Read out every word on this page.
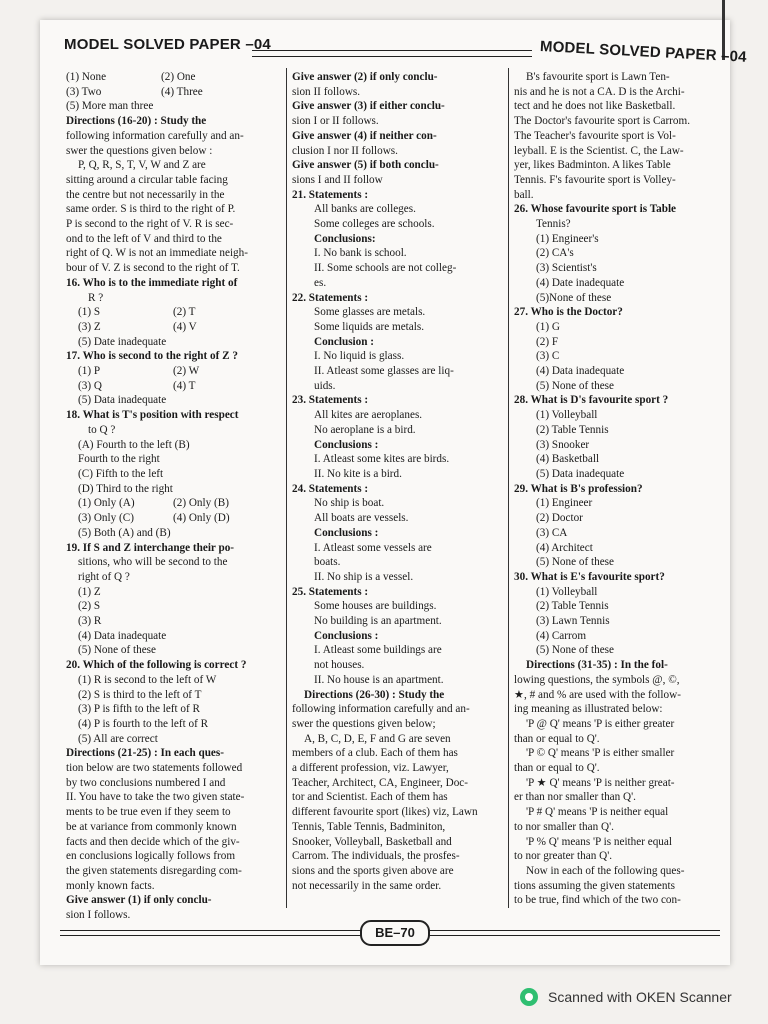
MODEL SOLVED PAPER –04	MODEL SOLVED PAPER –04
(1) None	(2) One
(3) Two	(4) Three
(5) More man three
Directions (16-20) : Study the
following information carefully and an-
swer the questions given below :
P, Q, R, S, T, V, W and Z are
sitting around a circular table facing
the centre but not necessarily in the
same order. S is third to the right of P.
P is second to the right of V. R is sec-
ond to the left of V and third to the
right of Q. W is not an immediate neigh-
bour of V. Z is second to the right of T.
16. Who is to the immediate right of
R ?
(1) S	(2) T
(3) Z	(4) V
(5) Date inadequate
17. Who is second to the right of Z ?
(1) P	(2) W
(3) Q	(4) T
(5) Data inadequate
18. What is T's position with respect
to Q ?
(A) Fourth to the left (B)
Fourth to the right
(C) Fifth to the left
(D) Third to the right
(1) Only (A)	(2) Only (B)
(3) Only (C)	(4) Only (D)
(5) Both (A) and (B)
19. If S and Z interchange their po-
sitions, who will be second to the
right of Q ?
(1) Z
(2) S
(3) R
(4) Data inadequate
(5) None of these
20. Which of the following is correct ?
(1) R is second to the left of W
(2) S is third to the left of T
(3) P is fifth to the left of R
(4) P is fourth to the left of R
(5) All are correct
Directions (21-25) : In each ques-
tion below are two statements followed
by two conclusions numbered I and
II. You have to take the two given state-
ments to be true even if they seem to
be at variance from commonly known
facts and then decide which of the giv-
en conclusions logically follows from
the given statements disregarding com-
monly known facts.
Give answer (1) if only conclu-
sion I follows.
Give answer (2) if only conclu-
sion II follows.
Give answer (3) if either conclu-
sion I or II follows.
Give answer (4) if neither con-
clusion I nor II follows.
Give answer (5) if both conclu-
sions I and II follow
21. Statements :
All banks are colleges.
Some colleges are schools.
Conclusions:
I. No bank is school.
II. Some schools are not colleg-
es.
22. Statements :
Some glasses are metals.
Some liquids are metals.
Conclusion :
I. No liquid is glass.
II. Atleast some glasses are liq-
uids.
23. Statements :
All kites are aeroplanes.
No aeroplane is a bird.
Conclusions :
I. Atleast some kites are birds.
II. No kite is a bird.
24. Statements :
No ship is boat.
All boats are vessels.
Conclusions :
I. Atleast some vessels are
boats.
II. No ship is a vessel.
25. Statements :
Some houses are buildings.
No building is an apartment.
Conclusions :
I. Atleast some buildings are
not houses.
II. No house is an apartment.
Directions (26-30) : Study the
following information carefully and an-
swer the questions given below;
A, B, C, D, E, F and G are seven
members of a club. Each of them has
a different profession, viz. Lawyer,
Teacher, Architect, CA, Engineer, Doc-
tor and Scientist. Each of them has
different favourite sport (likes) viz, Lawn
Tennis, Table Tennis, Badminiton,
Snooker, Volleyball, Basketball and
Carrom. The individuals, the prosfes-
sions and the sports given above are
not necessarily in the same order.
B's favourite sport is Lawn Ten-
nis and he is not a CA. D is the Archi-
tect and he does not like Basketball.
The Doctor's favourite sport is Carrom.
The Teacher's favourite sport is Vol-
leyball. E is the Scientist. C, the Law-
yer, likes Badminton. A likes Table
Tennis. F's favourite sport is Volley-
ball.
26. Whose favourite sport is Table
Tennis?
(1) Engineer's
(2) CA's
(3) Scientist's
(4) Date inadequate
(5)None of these
27. Who is the Doctor?
(1) G
(2) F
(3) C
(4) Data inadequate
(5) None of these
28. What is D's favourite sport ?
(1) Volleyball
(2) Table Tennis
(3) Snooker
(4) Basketball
(5) Data inadequate
29. What is B's profession?
(1) Engineer
(2) Doctor
(3) CA
(4) Architect
(5) None of these
30. What is E's favourite sport?
(1) Volleyball
(2) Table Tennis
(3) Lawn Tennis
(4) Carrom
(5) None of these
Directions (31-35) : In the fol-
lowing questions, the symbols @, ©,
★, # and % are used with the follow-
ing meaning as illustrated below:
'P @ Q' means 'P is either greater
than or equal to Q'.
'P © Q' means 'P is either smaller
than or equal to Q'.
'P ★ Q' means 'P is neither great-
er than nor smaller than Q'.
'P # Q' means 'P is neither equal
to nor smaller than Q'.
'P % Q' means 'P is neither equal
to nor greater than Q'.
Now in each of the following ques-
tions assuming the given statements
to be true, find which of the two con-
BE–70
Scanned with OKEN Scanner
